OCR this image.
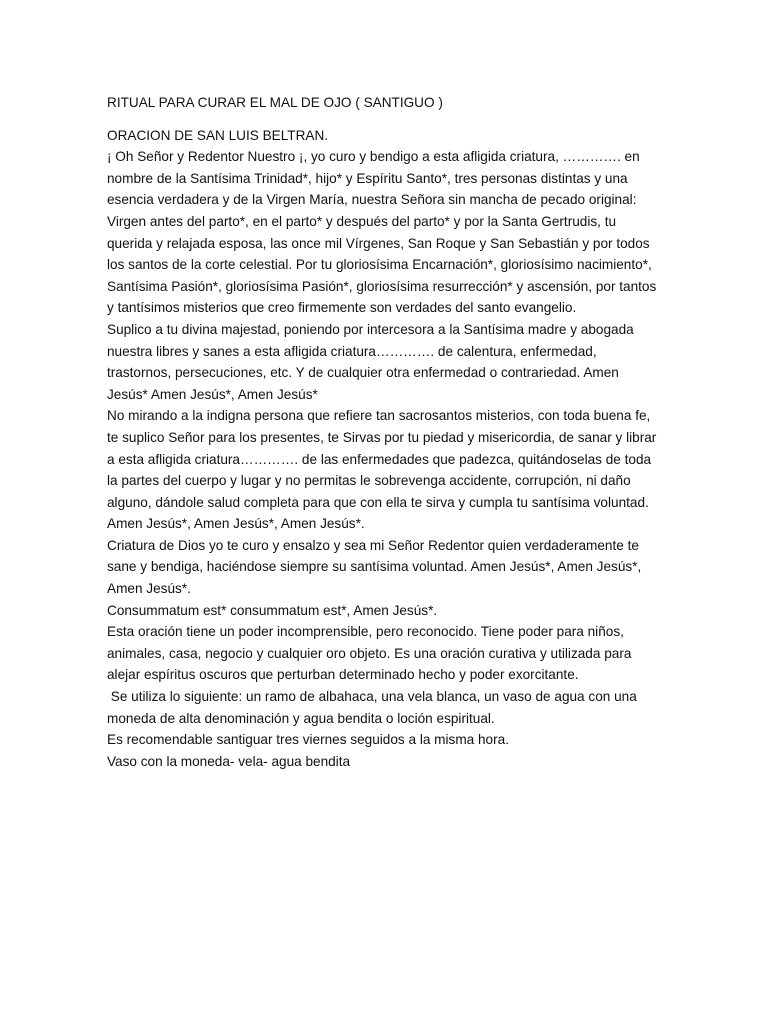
RITUAL PARA CURAR EL MAL DE OJO ( SANTIGUO )
ORACION DE SAN LUIS BELTRAN.
¡ Oh Señor y Redentor Nuestro ¡, yo curo y bendigo a esta afligida criatura, …………. en
nombre de la Santísima Trinidad*, hijo* y Espíritu Santo*, tres personas distintas y una
esencia verdadera y de la Virgen María, nuestra Señora sin mancha de pecado original:
Virgen antes del parto*, en el parto* y después del parto* y por la Santa Gertrudis, tu
querida y relajada esposa, las once mil Vírgenes, San Roque y San Sebastián y por todos
los santos de la corte celestial. Por tu gloriosísima Encarnación*, gloriosísimo nacimiento*,
Santísima Pasión*, gloriosísima Pasión*, gloriosísima resurrección* y ascensión, por tantos
y tantísimos misterios que creo firmemente son verdades del santo evangelio.
Suplico a tu divina majestad, poniendo por intercesora a la Santísima madre y abogada
nuestra libres y sanes a esta afligida criatura…………. de calentura, enfermedad,
trastornos, persecuciones, etc. Y de cualquier otra enfermedad o contrariedad. Amen
Jesús* Amen Jesús*, Amen Jesús*
No mirando a la indigna persona que refiere tan sacrosantos misterios, con toda buena fe,
te suplico Señor para los presentes, te Sirvas por tu piedad y misericordia, de sanar y librar
a esta afligida criatura…………. de las enfermedades que padezca, quitándoselas de toda
la partes del cuerpo y lugar y no permitas le sobrevenga accidente, corrupción, ni daño
alguno, dándole salud completa para que con ella te sirva y cumpla tu santísima voluntad.
Amen Jesús*, Amen Jesús*, Amen Jesús*.
Criatura de Dios yo te curo y ensalzo y sea mi Señor Redentor quien verdaderamente te
sane y bendiga, haciéndose siempre su santísima voluntad. Amen Jesús*, Amen Jesús*,
Amen Jesús*.
Consummatum est* consummatum est*, Amen Jesús*.
Esta oración tiene un poder incomprensible, pero reconocido. Tiene poder para niños,
animales, casa, negocio y cualquier oro objeto. Es una oración curativa y utilizada para
alejar espíritus oscuros que perturban determinado hecho y poder exorcitante.
Se utiliza lo siguiente: un ramo de albahaca, una vela blanca, un vaso de agua con una
moneda de alta denominación y agua bendita o loción espiritual.
Es recomendable santiguar tres viernes seguidos a la misma hora.
Vaso con la moneda- vela- agua bendita
